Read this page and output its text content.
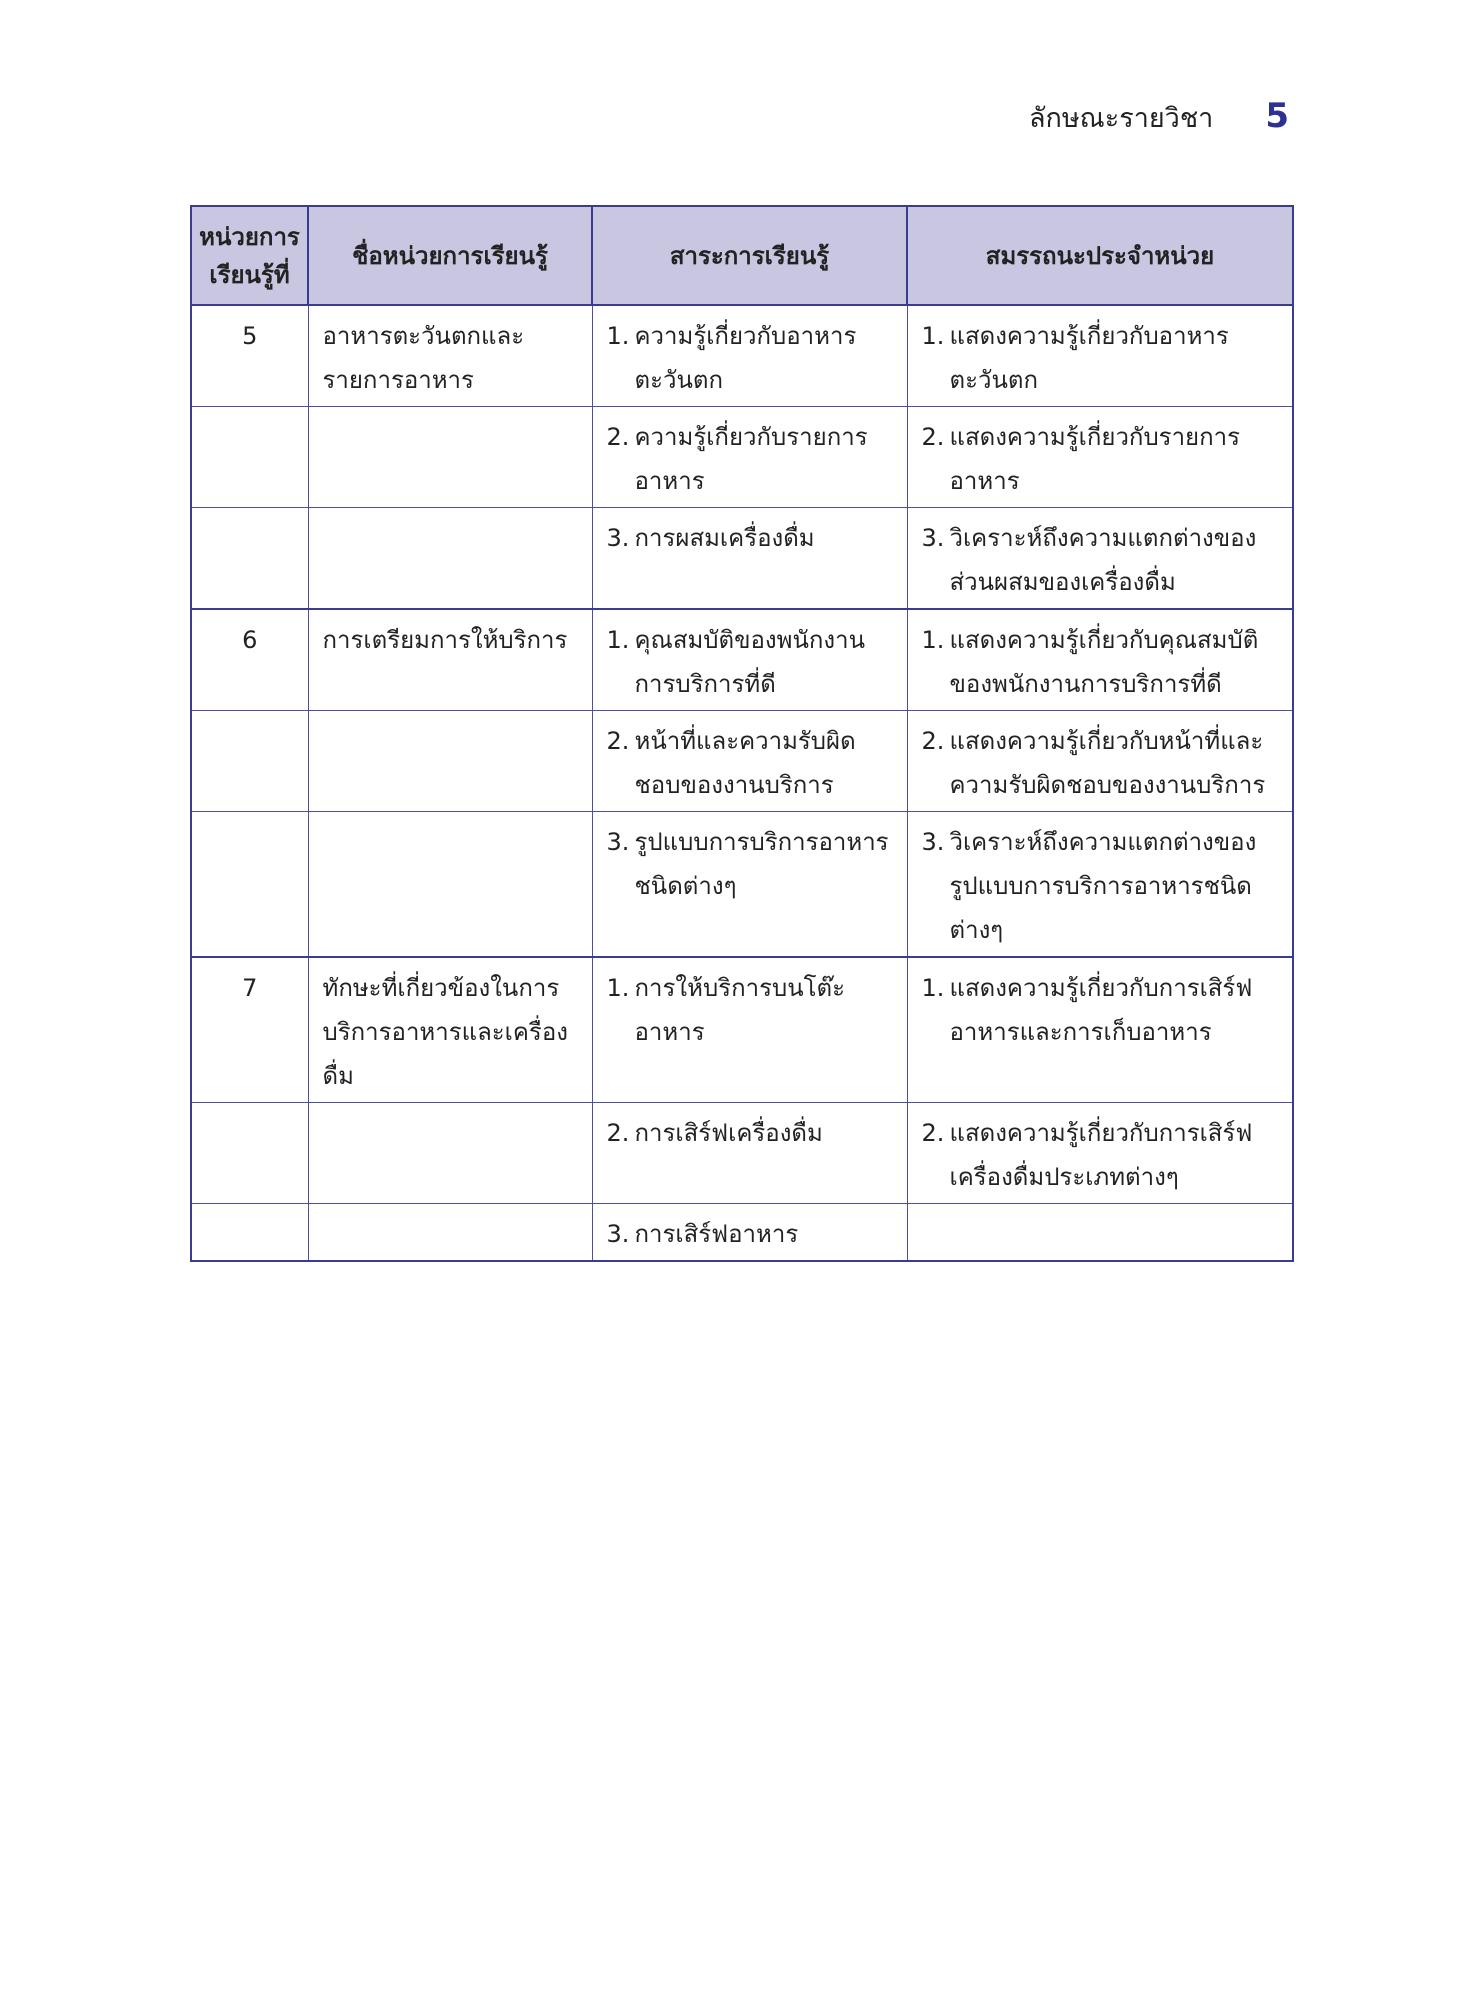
ลักษณะรายวิชา 5
หน่วยการเรียนรู้ที่	ชื่อหน่วยการเรียนรู้	สาระการเรียนรู้	สมรรถนะประจำหน่วย
5	อาหารตะวันตกและรายการอาหาร	1. ความรู้เกี่ยวกับอาหารตะวันตก	1. แสดงความรู้เกี่ยวกับอาหารตะวันตก

		2. ความรู้เกี่ยวกับรายการอาหาร	2. แสดงความรู้เกี่ยวกับรายการอาหาร

		3. การผสมเครื่องดื่ม	3. วิเคราะห์ถึงความแตกต่างของส่วนผสมของเครื่องดื่ม

6	การเตรียมการให้บริการ	1. คุณสมบัติของพนักงานการบริการที่ดี	1. แสดงความรู้เกี่ยวกับคุณสมบัติของพนักงานการบริการที่ดี

		2. หน้าที่และความรับผิดชอบของงานบริการ	2. แสดงความรู้เกี่ยวกับหน้าที่และความรับผิดชอบของงานบริการ

		3. รูปแบบการบริการอาหารชนิดต่างๆ	3. วิเคราะห์ถึงความแตกต่างของรูปแบบการบริการอาหารชนิดต่างๆ

7	ทักษะที่เกี่ยวข้องในการบริการอาหารและเครื่องดื่ม	1. การให้บริการบนโต๊ะอาหาร	1. แสดงความรู้เกี่ยวกับการเสิร์ฟอาหารและการเก็บอาหาร

		2. การเสิร์ฟเครื่องดื่ม	2. แสดงความรู้เกี่ยวกับการเสิร์ฟเครื่องดื่มประเภทต่างๆ

		3. การเสิร์ฟอาหาร	
